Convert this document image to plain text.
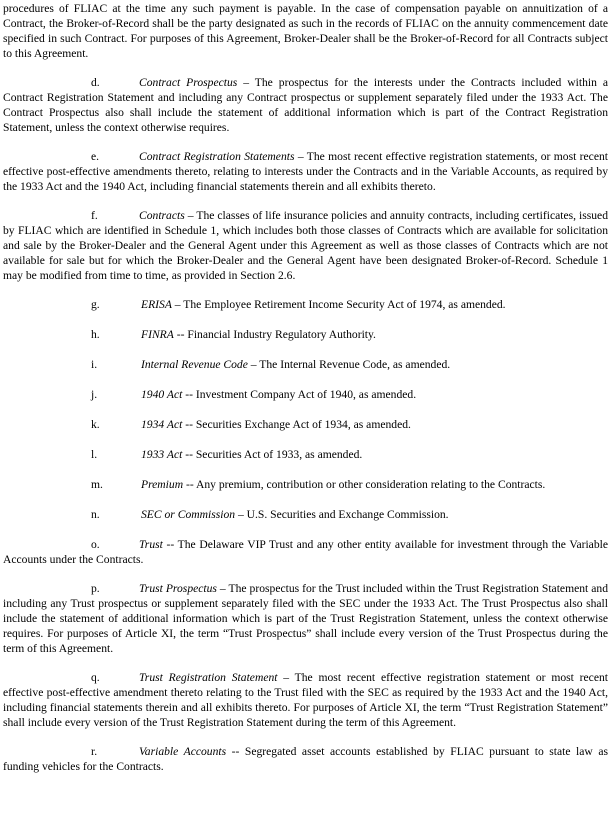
procedures of FLIAC at the time any such payment is payable. In the case of compensation payable on annuitization of a Contract, the Broker-of-Record shall be the party designated as such in the records of FLIAC on the annuity commencement date specified in such Contract. For purposes of this Agreement, Broker-Dealer shall be the Broker-of-Record for all Contracts subject to this Agreement.

d.	Contract Prospectus – The prospectus for the interests under the Contracts included within a Contract Registration Statement and including any Contract prospectus or supplement separately filed under the 1933 Act. The Contract Prospectus also shall include the statement of additional information which is part of the Contract Registration Statement, unless the context otherwise requires.

e.	Contract Registration Statements – The most recent effective registration statements, or most recent effective post-effective amendments thereto, relating to interests under the Contracts and in the Variable Accounts, as required by the 1933 Act and the 1940 Act, including financial statements therein and all exhibits thereto.

f.	Contracts – The classes of life insurance policies and annuity contracts, including certificates, issued by FLIAC which are identified in Schedule 1, which includes both those classes of Contracts which are available for solicitation and sale by the Broker-Dealer and the General Agent under this Agreement as well as those classes of Contracts which are not available for sale but for which the Broker-Dealer and the General Agent have been designated Broker-of-Record. Schedule 1 may be modified from time to time, as provided in Section 2.6.

g.	ERISA – The Employee Retirement Income Security Act of 1974, as amended.
h.	FINRA -- Financial Industry Regulatory Authority.
i.	Internal Revenue Code – The Internal Revenue Code, as amended.
j.	1940 Act -- Investment Company Act of 1940, as amended.
k.	1934 Act -- Securities Exchange Act of 1934, as amended.
l.	1933 Act -- Securities Act of 1933, as amended.
m.	Premium -- Any premium, contribution or other consideration relating to the Contracts.
n.	SEC or Commission – U.S. Securities and Exchange Commission.

o.	Trust -- The Delaware VIP Trust and any other entity available for investment through the Variable Accounts under the Contracts.

p.	Trust Prospectus – The prospectus for the Trust included within the Trust Registration Statement and including any Trust prospectus or supplement separately filed with the SEC under the 1933 Act. The Trust Prospectus also shall include the statement of additional information which is part of the Trust Registration Statement, unless the context otherwise requires. For purposes of Article XI, the term “Trust Prospectus” shall include every version of the Trust Prospectus during the term of this Agreement.

q.	Trust Registration Statement – The most recent effective registration statement or most recent effective post-effective amendment thereto relating to the Trust filed with the SEC as required by the 1933 Act and the 1940 Act, including financial statements therein and all exhibits thereto. For purposes of Article XI, the term “Trust Registration Statement” shall include every version of the Trust Registration Statement during the term of this Agreement.

r.	Variable Accounts -- Segregated asset accounts established by FLIAC pursuant to state law as funding vehicles for the Contracts.
